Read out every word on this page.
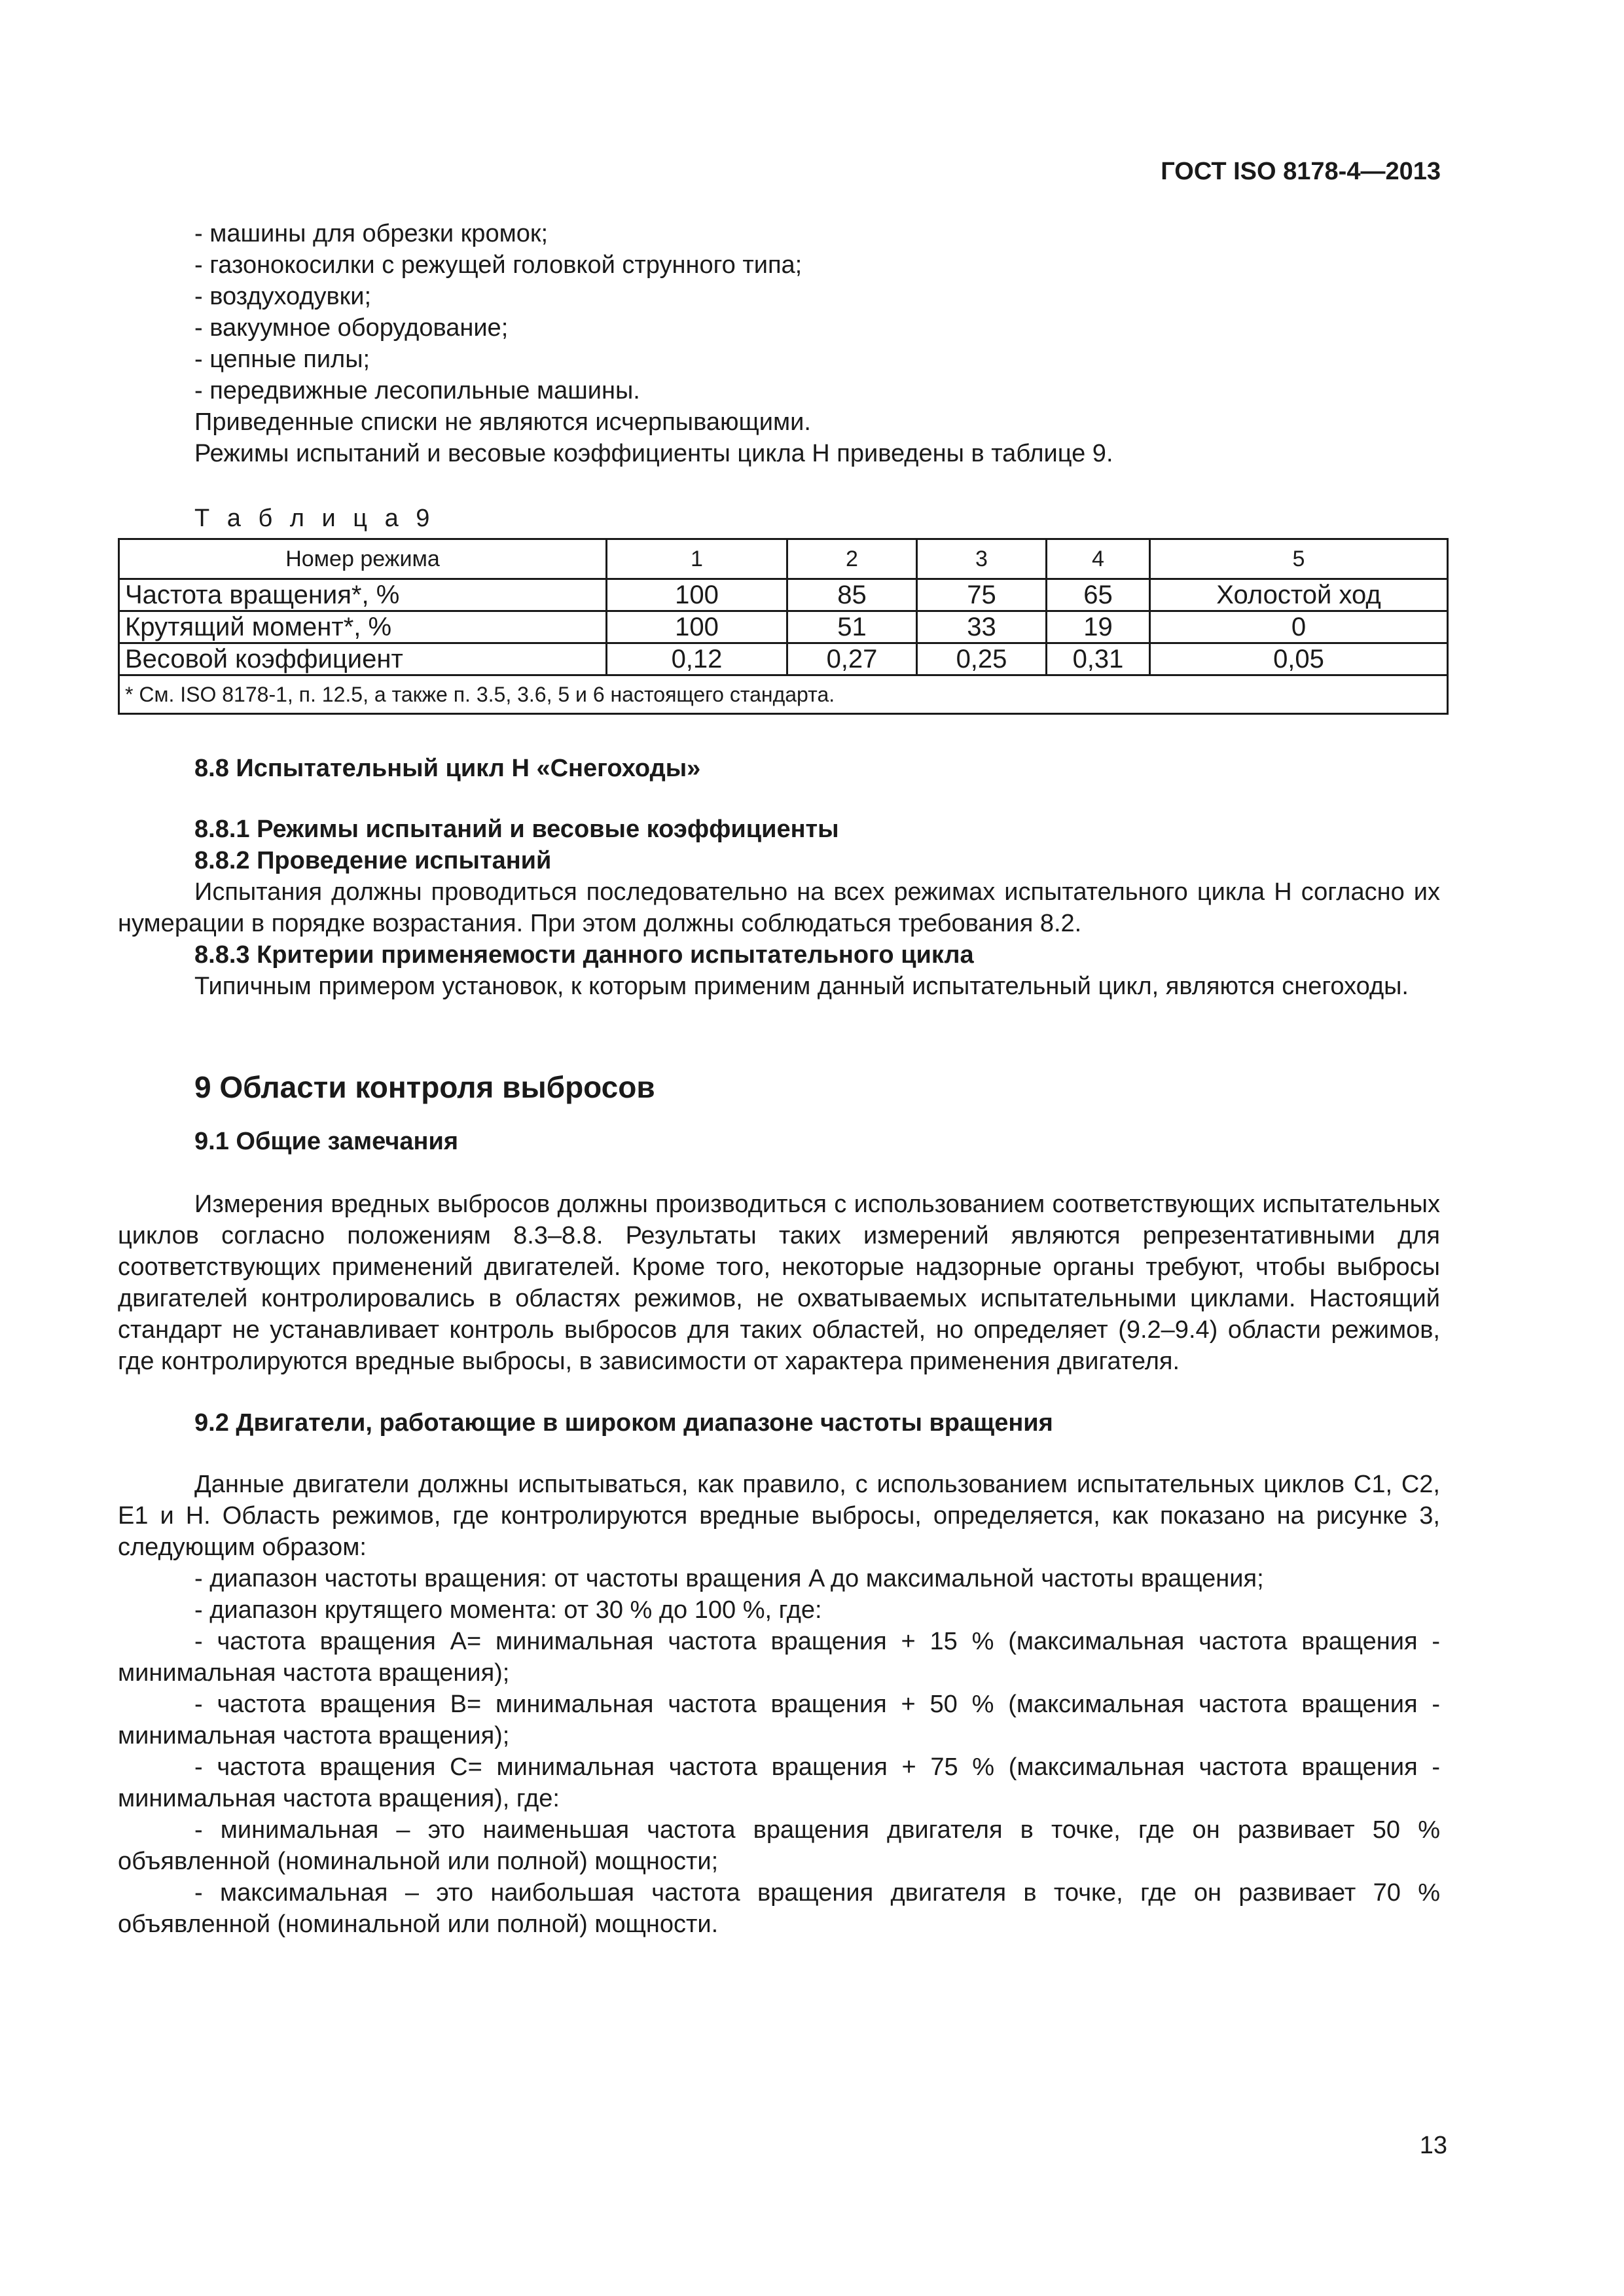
ГОСТ ISO 8178-4—2013
- машины для обрезки кромок;
- газонокосилки с режущей головкой струнного типа;
- воздуходувки;
- вакуумное оборудование;
- цепные пилы;
- передвижные лесопильные машины.
Приведенные списки не являются исчерпывающими.
Режимы испытаний и весовые коэффициенты цикла H приведены в таблице 9.
Т а б л и ц а 9
Номер режима	1	2	3	4	5
Частота вращения*, %	100	85	75	65	Холостой ход
Крутящий момент*, %	100	51	33	19	0
Весовой коэффициент	0,12	0,27	0,25	0,31	0,05
* См. ISO 8178-1, п. 12.5, а также п. 3.5, 3.6, 5 и 6 настоящего стандарта.					
8.8 Испытательный цикл H «Снегоходы»
8.8.1 Режимы испытаний и весовые коэффициенты
8.8.2 Проведение испытаний

Испытания должны проводиться последовательно на всех режимах испытательного цикла H согласно их нумерации в порядке возрастания. При этом должны соблюдаться требования 8.2.

8.8.3 Критерии применяемости данного испытательного цикла

Типичным примером установок, к которым применим данный испытательный цикл, являются снегоходы.

9 Области контроля выбросов
9.1 Общие замечания

Измерения вредных выбросов должны производиться с использованием соответствующих испытательных циклов согласно положениям 8.3–8.8. Результаты таких измерений являются репрезентативными для соответствующих применений двигателей. Кроме того, некоторые надзорные органы требуют, чтобы выбросы двигателей контролировались в областях режимов, не охватываемых испытательными циклами. Настоящий стандарт не устанавливает контроль выбросов для таких областей, но определяет (9.2–9.4) области режимов, где контролируются вредные выбросы, в зависимости от характера применения двигателя.

9.2 Двигатели, работающие в широком диапазоне частоты вращения

Данные двигатели должны испытываться, как правило, с использованием испытательных циклов C1, C2, E1 и H. Область режимов, где контролируются вредные выбросы, определяется, как показано на рисунке 3, следующим образом:

- диапазон частоты вращения: от частоты вращения A до максимальной частоты вращения;

- диапазон крутящего момента: от 30 % до 100 %, где:

- частота вращения A= минимальная частота вращения + 15 % (максимальная частота вращения - минимальная частота вращения);

- частота вращения B= минимальная частота вращения + 50 % (максимальная частота вращения - минимальная частота вращения);

- частота вращения C= минимальная частота вращения + 75 % (максимальная частота вращения - минимальная частота вращения), где:

- минимальная – это наименьшая частота вращения двигателя в точке, где он развивает 50 % объявленной (номинальной или полной) мощности;

- максимальная – это наибольшая частота вращения двигателя в точке, где он развивает 70 % объявленной (номинальной или полной) мощности.

13
